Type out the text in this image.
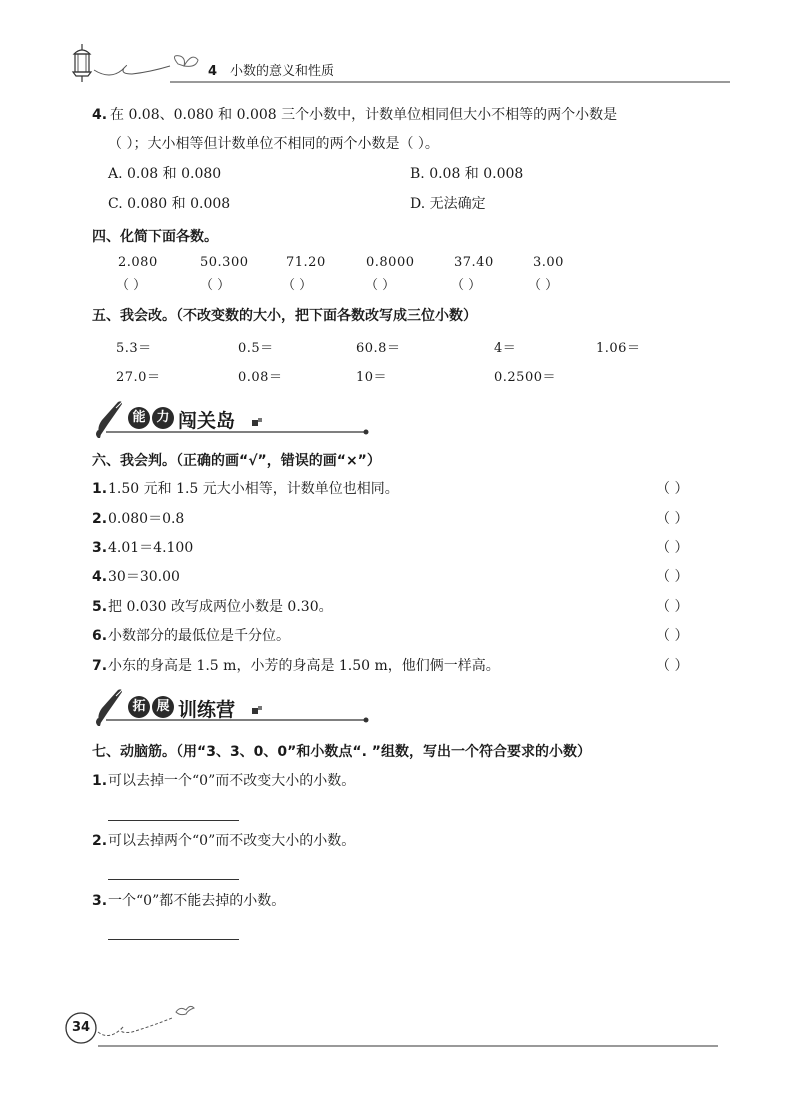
4 小数的意义和性质
4. 在 0.08、0.080 和 0.008 三个小数中，计数单位相同但大小不相等的两个小数是
（ ）；大小相等但计数单位不相同的两个小数是（ ）。
A. 0.08 和 0.080	B. 0.08 和 0.008
C. 0.080 和 0.008	D. 无法确定
四、化简下面各数。
2.080	50.300	71.20	0.8000	37.40	3.00
（ ）	（ ）	（ ）	（ ）	（ ）	（ ）
五、我会改。（不改变数的大小，把下面各数改写成三位小数）
5.3＝	0.5＝	60.8＝	4＝	1.06＝
27.0＝	0.08＝	10＝	0.2500＝
能 力 闯关岛
六、我会判。（正确的画“√”，错误的画“×”）
1. 1.50 元和 1.5 元大小相等，计数单位也相同。	（ ）
2. 0.080＝0.8	（ ）
3. 4.01＝4.100	（ ）
4. 30＝30.00	（ ）
5. 把 0.030 改写成两位小数是 0.30。	（ ）
6. 小数部分的最低位是千分位。	（ ）
7. 小东的身高是 1.5 m，小芳的身高是 1.50 m，他们俩一样高。	（ ）
拓 展 训练营
七、动脑筋。（用“3、3、0、0”和小数点“. ”组数，写出一个符合要求的小数）
1. 可以去掉一个“0”而不改变大小的小数。
2. 可以去掉两个“0”而不改变大小的小数。
3. 一个“0”都不能去掉的小数。
34
